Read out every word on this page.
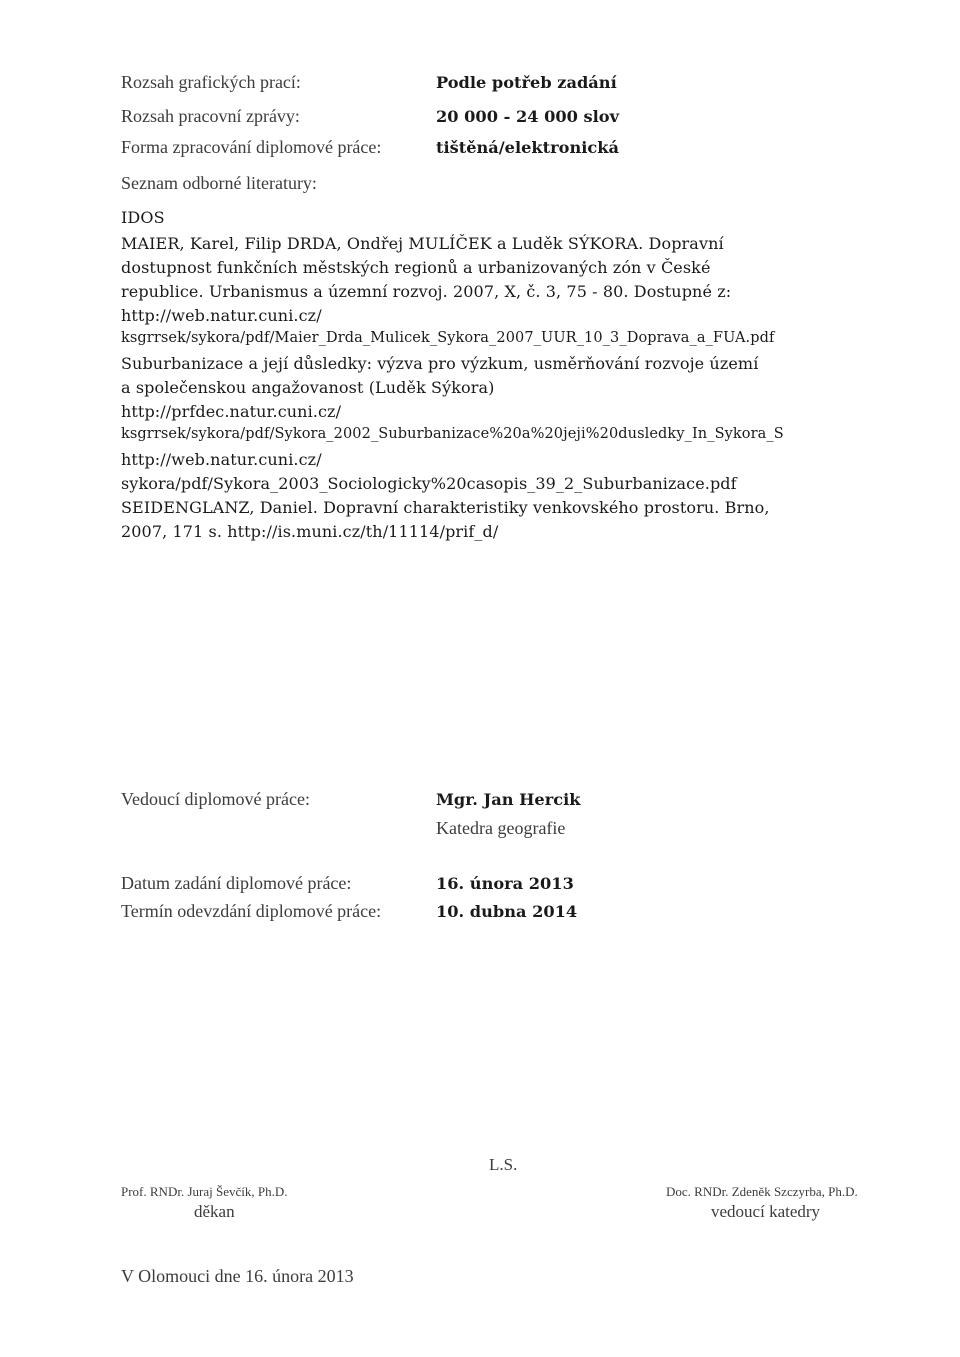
Rozsah grafických prací:	Podle potřeb zadání
Rozsah pracovní zprávy:	20 000 - 24 000 slov
Forma zpracování diplomové práce:	tištěná/elektronická
Seznam odborné literatury:
IDOS
MAIER, Karel, Filip DRDA, Ondřej MULÍČEK a Luděk SÝKORA. Dopravní
dostupnost funkčních městských regionů a urbanizovaných zón v České
republice. Urbanismus a územní rozvoj. 2007, X, č. 3, 75 - 80. Dostupné z:
http://web.natur.cuni.cz/
ksgrrsek/sykora/pdf/Maier_Drda_Mulicek_Sykora_2007_UUR_10_3_Doprava_a_FUA.pdf
Suburbanizace a její důsledky: výzva pro výzkum, usměrňování rozvoje území
a společenskou angažovanost (Luděk Sýkora)
http://prfdec.natur.cuni.cz/
ksgrrsek/sykora/pdf/Sykora_2002_Suburbanizace%20a%20jeji%20dusledky_In_Sykora_S
http://web.natur.cuni.cz/
sykora/pdf/Sykora_2003_Sociologicky%20casopis_39_2_Suburbanizace.pdf
SEIDENGLANZ, Daniel. Dopravní charakteristiky venkovského prostoru. Brno,
2007, 171 s. http://is.muni.cz/th/11114/prif_d/
Vedoucí diplomové práce:	Mgr. Jan Hercik
Katedra geografie
Datum zadání diplomové práce:	16. února 2013
Termín odevzdání diplomové práce:	10. dubna 2014
L.S.
Prof. RNDr. Juraj Ševčík, Ph.D.
děkan
Doc. RNDr. Zdeněk Szczyrba, Ph.D.
vedoucí katedry
V Olomouci dne 16. února 2013
